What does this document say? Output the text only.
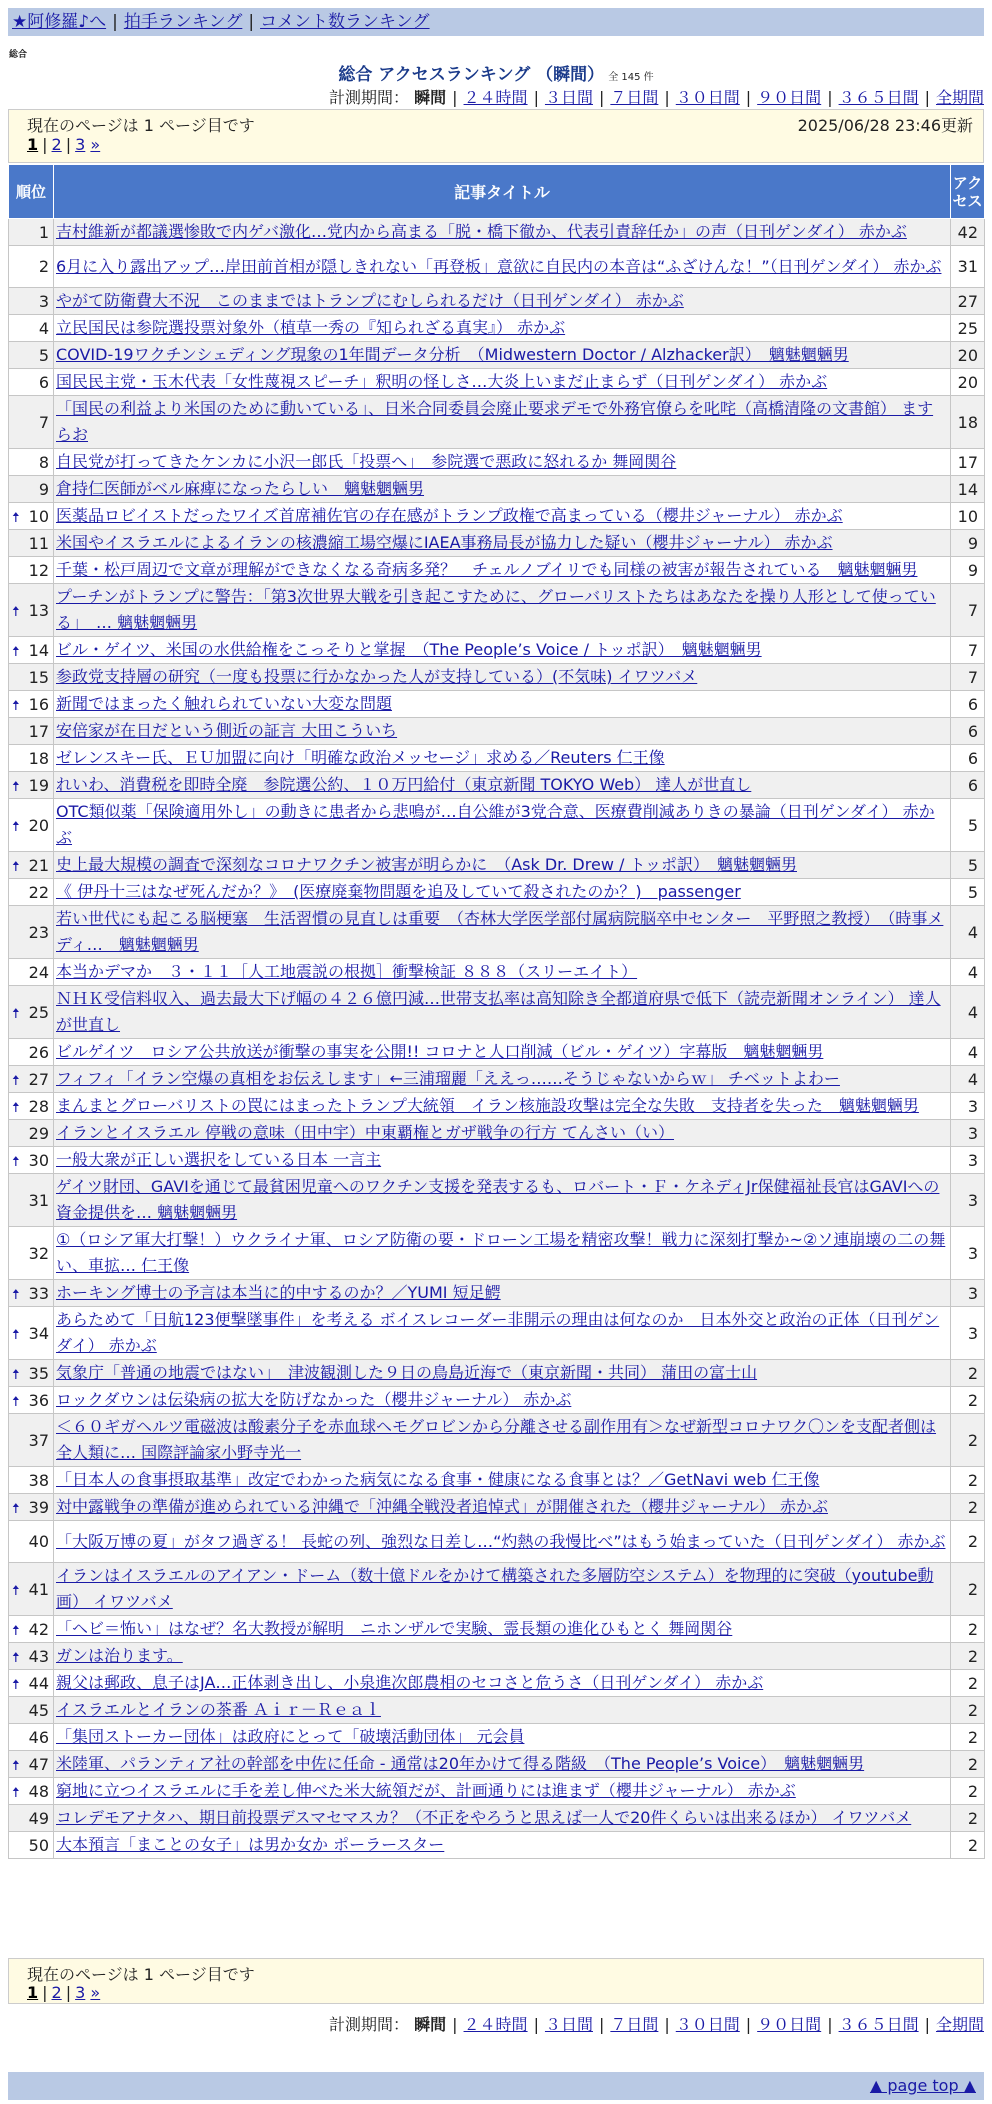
★阿修羅♪へ | 拍手ランキング | コメント数ランキング
総合
総合 アクセスランキング （瞬間） 全 145 件
計測期間： 瞬間 | ２４時間 | ３日間 | ７日間 | ３０日間 | ９０日間 | ３６５日間 | 全期間
現在のページは 1 ページ目です	2025/06/28 23:46更新
1 | 2 | 3 »
順位	記事タイトル	アクセス
1	吉村維新が都議選惨敗で内ゲバ激化…党内から高まる「脱・橋下徹か、代表引責辞任か」の声（日刊ゲンダイ） 赤かぶ	42
2	6月に入り露出アップ…岸田前首相が隠しきれない「再登板」意欲に自民内の本音は“ふざけんな！”（日刊ゲンダイ） 赤かぶ	31
3	やがて防衛費大不況　このままではトランプにむしられるだけ（日刊ゲンダイ） 赤かぶ	27
4	立民国民は参院選投票対象外（植草一秀の『知られざる真実』） 赤かぶ	25
5	COVID-19ワクチンシェディング現象の1年間データ分析　（Midwestern Doctor / Alzhacker訳）　魑魅魍魎男	20
6	国民民主党・玉木代表「女性蔑視スピーチ」釈明の怪しさ…大炎上いまだ止まらず（日刊ゲンダイ） 赤かぶ	20
7	「国民の利益より米国のために動いている」、日米合同委員会廃止要求デモで外務官僚らを叱咤（高橋清隆の文書館） ますらお	18
8	自民党が打ってきたケンカに小沢一郎氏「投票へ」　参院選で悪政に怒れるか 舞岡関谷	17
9	倉持仁医師がベル麻痺になったらしい　魑魅魍魎男	14

🠅 10	医薬品ロビイストだったワイズ首席補佐官の存在感がトランプ政権で高まっている（櫻井ジャーナル） 赤かぶ	10
11	米国やイスラエルによるイランの核濃縮工場空爆にIAEA事務局長が協力した疑い（櫻井ジャーナル） 赤かぶ	9
12	千葉・松戸周辺で文章が理解ができなくなる奇病多発？　チェルノブイリでも同様の被害が報告されている　魑魅魍魎男	9

🠅 13	プーチンがトランプに警告：「第3次世界大戦を引き起こすために、グローバリストたちはあなたを操り人形として使っている」　… 魑魅魍魎男	7

🠅 14	ビル・ゲイツ、米国の水供給権をこっそりと掌握　（The People’s Voice / トッポ訳）　魑魅魍魎男	7
15	参政党支持層の研究（一度も投票に行かなかった人が支持している）(不気味) イワツバメ	7

🠅 16	新聞ではまったく触れられていない大変な問題	6
17	安倍家が在日だという側近の証言 大田こういち	6
18	ゼレンスキー氏、ＥＵ加盟に向け「明確な政治メッセージ」求める／Reuters 仁王像	6

🠅 19	れいわ、消費税を即時全廃　参院選公約、１０万円給付（東京新聞 TOKYO Web） 達人が世直し	6

🠅 20	OTC類似薬「保険適用外し」の動きに患者から悲鳴が…自公維が3党合意、医療費削減ありきの暴論（日刊ゲンダイ） 赤かぶ	5

🠅 21	史上最大規模の調査で深刻なコロナワクチン被害が明らかに　（Ask Dr. Drew / トッポ訳）　魑魅魍魎男	5
22	《 伊丹十三はなぜ死んだか？》　(医療廃棄物問題を追及していて殺されたのか？)　passenger	5
23	若い世代にも起こる脳梗塞　生活習慣の見直しは重要　（杏林大学医学部付属病院脳卒中センター　平野照之教授）　（時事メディ…　魑魅魍魎男	4
24	本当かデマか　３・１１［人工地震説の根拠］衝撃検証 ８８８（スリーエイト）	4

🠅 25	ＮＨＫ受信料収入、過去最大下げ幅の４２６億円減…世帯支払率は高知除き全都道府県で低下（読売新聞オンライン） 達人が世直し	4
26	ビルゲイツ　ロシア公共放送が衝撃の事実を公開!! コロナと人口削減（ビル・ゲイツ）字幕版　魑魅魍魎男	4

🠅 27	フィフィ「イラン空爆の真相をお伝えします」←三浦瑠麗「ええっ……そうじゃないからｗ」 チベットよわー	4

🠅 28	まんまとグローバリストの罠にはまったトランプ大統領　イラン核施設攻撃は完全な失敗　支持者を失った　魑魅魍魎男	3
29	イランとイスラエル 停戦の意味（田中宇）中東覇権とガザ戦争の行方 てんさい（い）	3

🠅 30	一般大衆が正しい選択をしている日本 一言主	3
31	ゲイツ財団、GAVIを通じて最貧困児童へのワクチン支援を発表するも、ロバート・Ｆ・ケネディJr保健福祉長官はGAVIへの資金提供を… 魑魅魍魎男	3
32	①（ロシア軍大打撃！）ウクライナ軍、ロシア防衛の要・ドローン工場を精密攻撃！戦力に深刻打撃か~②ソ連崩壊の二の舞い、車拡… 仁王像	3

🠅 33	ホーキング博士の予言は本当に的中するのか？／YUMI 短足鰐	3

🠅 34	あらためて「日航123便撃墜事件」を考える ボイスレコーダー非開示の理由は何なのか　日本外交と政治の正体（日刊ゲンダイ） 赤かぶ	3

🠅 35	気象庁「普通の地震ではない」　津波観測した９日の鳥島近海で（東京新聞・共同） 蒲田の富士山	2

🠅 36	ロックダウンは伝染病の拡大を防げなかった（櫻井ジャーナル） 赤かぶ	2
37	＜６０ギガヘルツ電磁波は酸素分子を赤血球ヘモグロビンから分離させる副作用有＞なぜ新型コロナワク〇ンを支配者側は全人類に… 国際評論家小野寺光一	2
38	「日本人の食事摂取基準」改定でわかった病気になる食事・健康になる食事とは？／GetNavi web 仁王像	2

🠅 39	対中露戦争の準備が進められている沖縄で「沖縄全戦没者追悼式」が開催された（櫻井ジャーナル） 赤かぶ	2
40	「大阪万博の夏」がタフ過ぎる！ 長蛇の列、強烈な日差し…“灼熱の我慢比べ”はもう始まっていた（日刊ゲンダイ） 赤かぶ	2

🠅 41	イランはイスラエルのアイアン・ドーム（数十億ドルをかけて構築された多層防空システム）を物理的に突破（youtube動画） イワツバメ	2

🠅 42	「ヘビ＝怖い」はなぜ？名大教授が解明　ニホンザルで実験、霊長類の進化ひもとく 舞岡関谷	2

🠅 43	ガンは治ります。	2

🠅 44	親父は郵政、息子はJA…正体剥き出し、小泉進次郎農相のセコさと危うさ（日刊ゲンダイ） 赤かぶ	2
45	イスラエルとイランの茶番 Ａｉｒ－Ｒｅａｌ	2
46	「集団ストーカー団体」は政府にとって「破壊活動団体」 元会員	2

🠅 47	米陸軍、パランティア社の幹部を中佐に任命 - 通常は20年かけて得る階級　（The People’s Voice）　魑魅魍魎男	2

🠅 48	窮地に立つイスラエルに手を差し伸べた米大統領だが、計画通りには進まず（櫻井ジャーナル） 赤かぶ	2
49	コレデモアナタハ、期日前投票デスマセマスカ？（不正をやろうと思えば一人で20件くらいは出来るほか） イワツバメ	2
50	大本預言「まことの女子」は男か女か ポーラースター	2
現在のページは 1 ページ目です
1 | 2 | 3 »
計測期間： 瞬間 | ２４時間 | ３日間 | ７日間 | ３０日間 | ９０日間 | ３６５日間 | 全期間
▲ page top ▲
